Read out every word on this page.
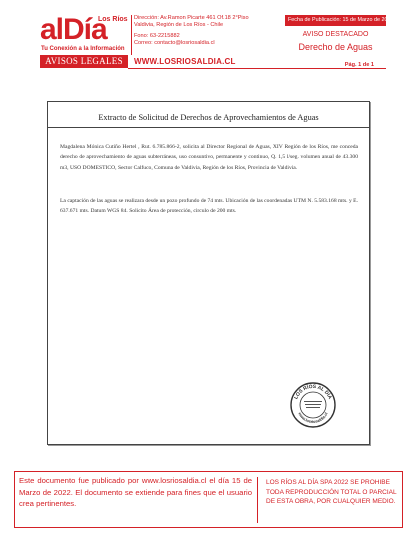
alDía
Los Ríos
Tu Conexión a la Información
AVISOS LEGALES
Dirección: Av.Ramon Picarte 461 Of.18 2°Piso
Valdivia, Región de Los Ríos - Chile
Fono: 63-2215882
Correo: contacto@losriosaldia.cl
WWW.LOSRIOSALDIA.CL
Fecha de Publicación: 15 de Marzo de 2022
AVISO DESTACADO
Derecho de Aguas
Pág. 1 de 1
Extracto de Solicitud de Derechos de Aprovechamientos de Aguas

Magdalena Mónica Cutiño Hertel , Rut. 6.785.866-2, solicita al Director Regional de Aguas, XIV Región de los Ríos, me conceda derecho de aprovechamiento de aguas subterráneas, uso consuntivo, permanente y continuo, Q. 1,5 l/seg. volumen anual de 43.300 m3, USO DOMESTICO, Sector Calfuco, Comuna de Valdivia, Región de los Ríos, Provincia de Valdivia.

La captación de las aguas se realizara desde un pozo profundo de 74 mts. Ubicación de las coordenadas UTM N. 5.583.168 mts. y E. 637.671 mts. Datum WGS 84. Solicito Área de protección, circulo de 200 mts.

LOS RÍOS AL DÍA
www.losriosaldia.cl
Este documento fue publicado por www.losriosaldia.cl el día 15 de Marzo de 2022. El documento se extiende para fines que el usuario crea pertinentes.
LOS RÍOS AL DÍA SPA 2022 SE PROHIBE TODA REPRODUCCIÓN TOTAL O PARCIAL DE ESTA OBRA, POR CUALQUIER MEDIO.
